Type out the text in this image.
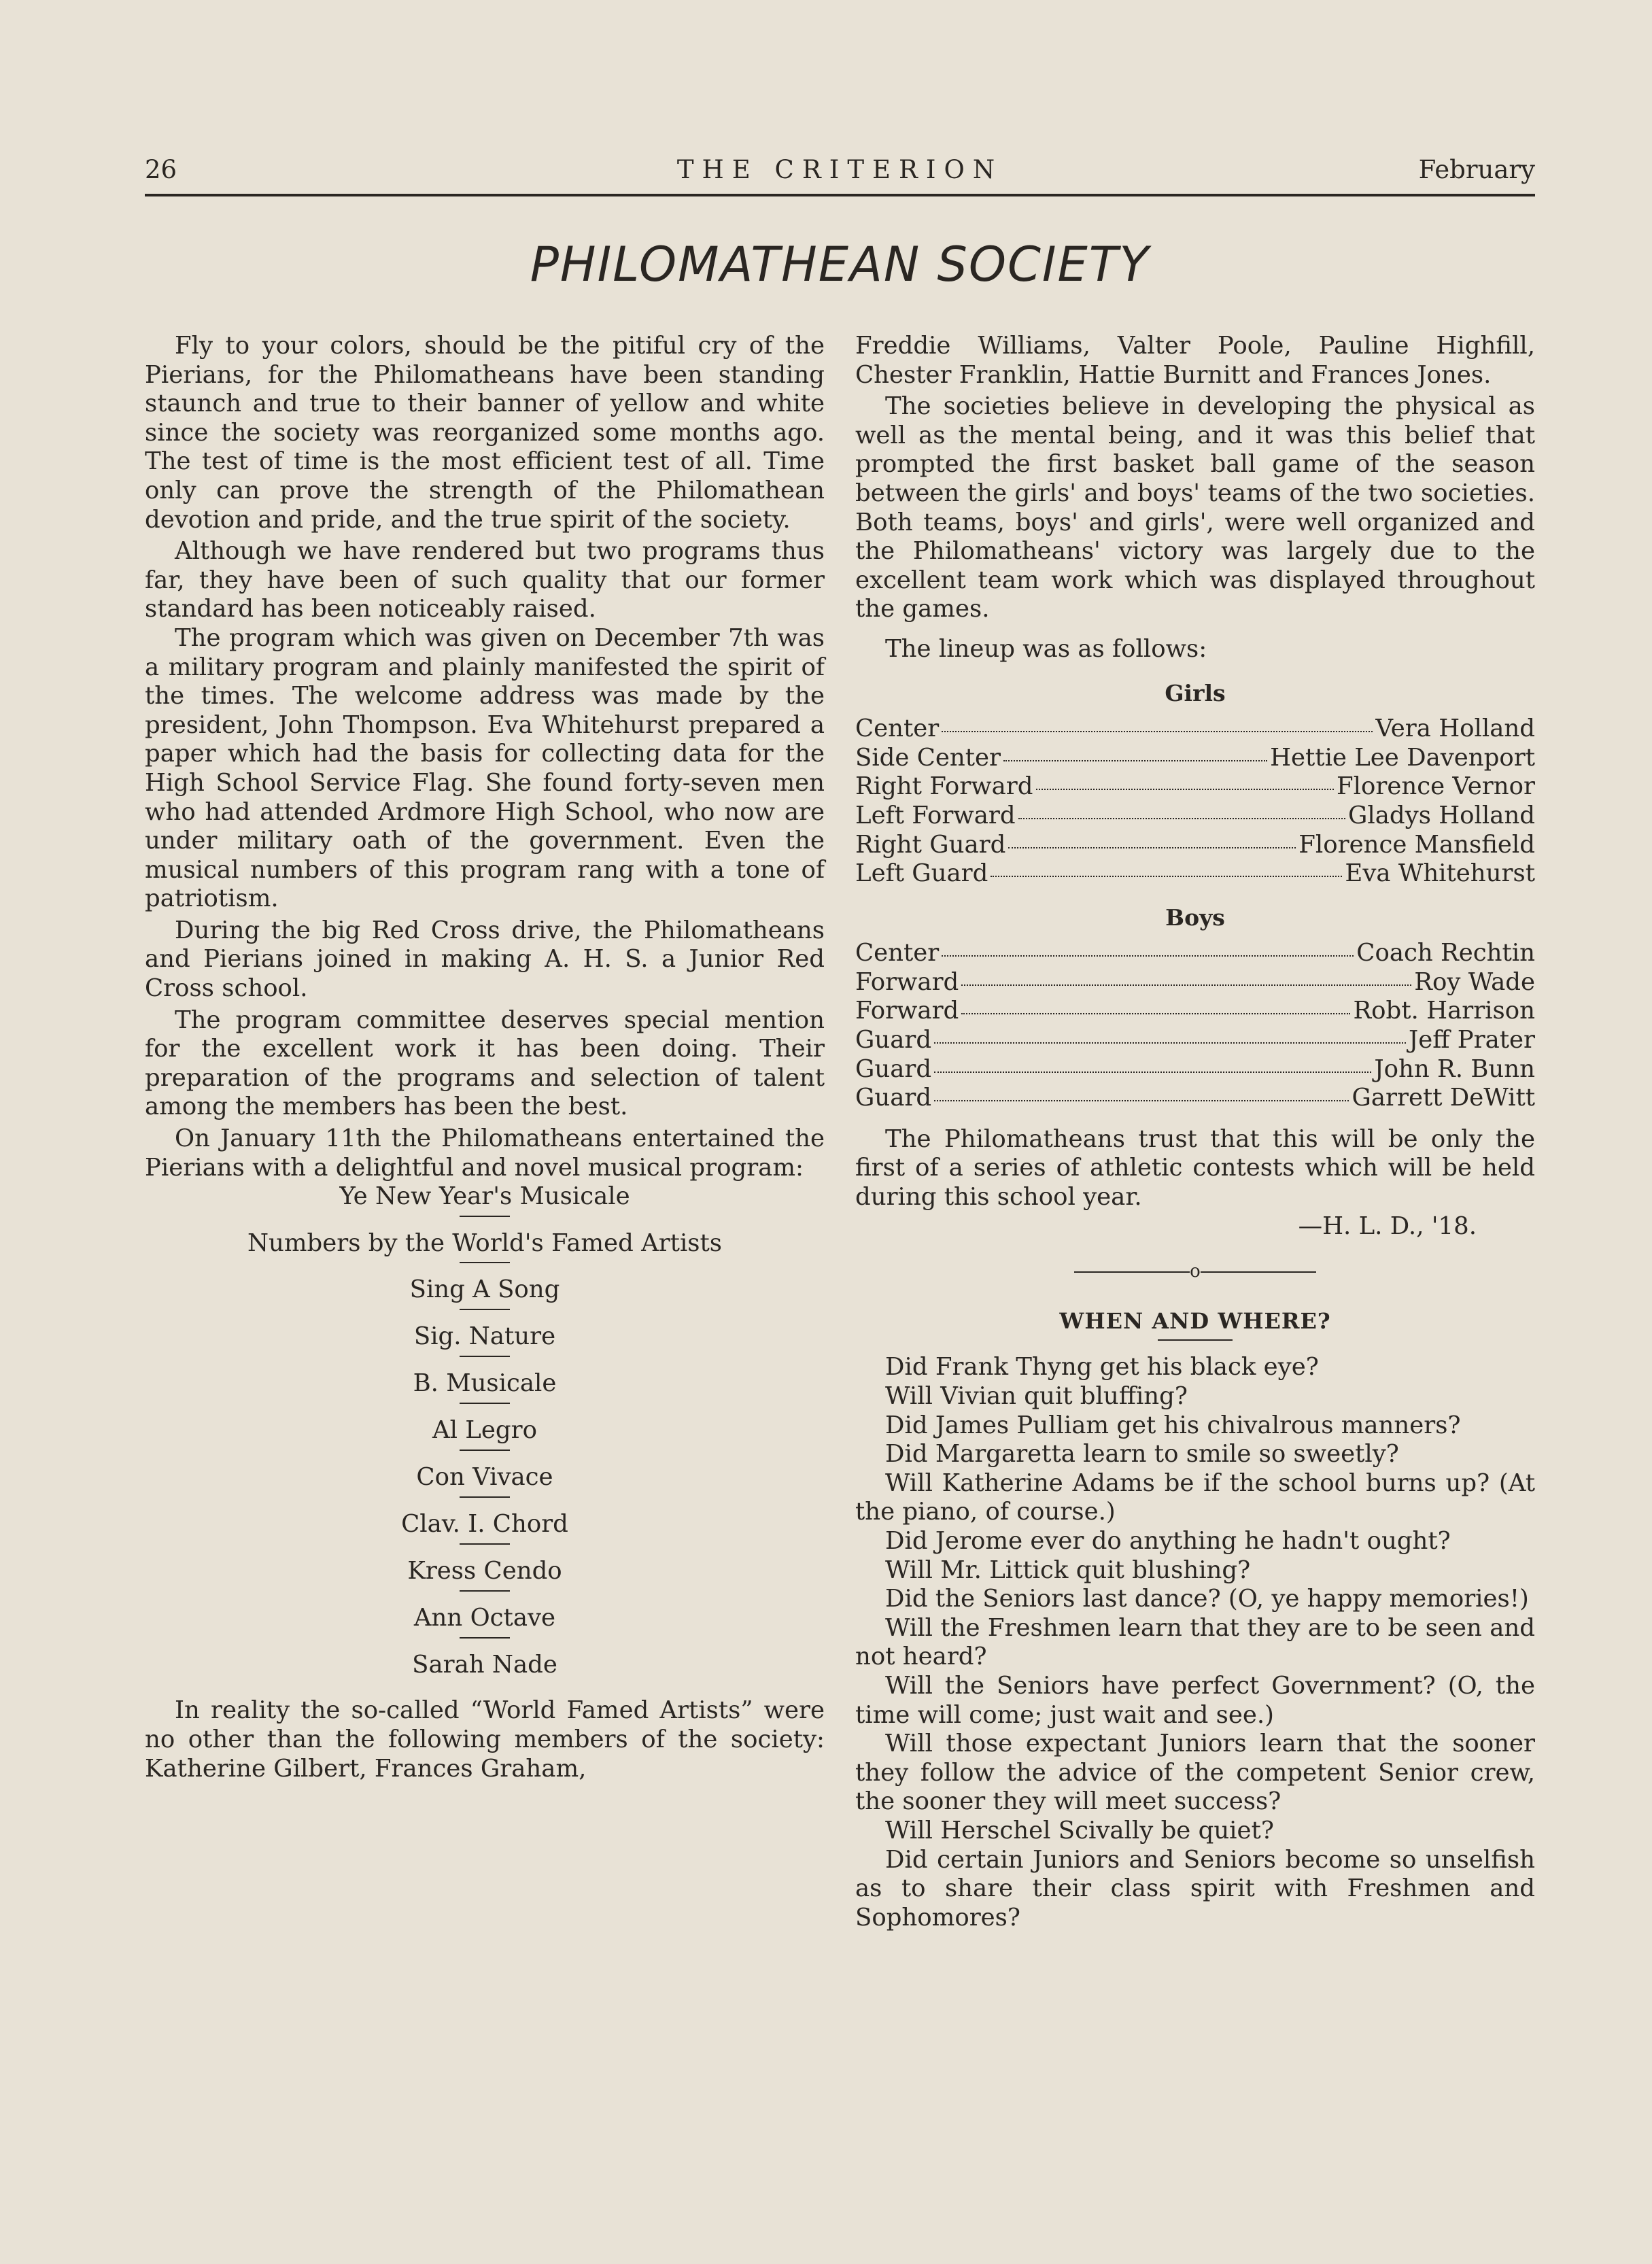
26	THE CRITERION	February
PHILOMATHEAN SOCIETY

Fly to your colors, should be the pitiful cry of the Pierians, for the Philomatheans have been standing staunch and true to their banner of yellow and white since the society was reorganized some months ago. The test of time is the most efficient test of all. Time only can prove the strength of the Philomathean devotion and pride, and the true spirit of the society.

Although we have rendered but two programs thus far, they have been of such quality that our former standard has been noticeably raised.

The program which was given on December 7th was a military program and plainly manifested the spirit of the times. The welcome address was made by the president, John Thompson. Eva Whitehurst prepared a paper which had the basis for collecting data for the High School Service Flag. She found forty-seven men who had attended Ardmore High School, who now are under military oath of the government. Even the musical numbers of this program rang with a tone of patriotism.

During the big Red Cross drive, the Philomatheans and Pierians joined in making A. H. S. a Junior Red Cross school.

The program committee deserves special mention for the excellent work it has been doing. Their preparation of the programs and selection of talent among the members has been the best.

On January 11th the Philomatheans entertained the Pierians with a delightful and novel musical program:

Ye New Year's Musicale
Numbers by the World's Famed Artists
Sing A Song
Sig. Nature
B. Musicale
Al Legro
Con Vivace
Clav. I. Chord
Kress Cendo
Ann Octave
Sarah Nade

In reality the so-called “World Famed Artists” were no other than the following members of the society: Katherine Gilbert, Frances Graham,

Freddie Williams, Valter Poole, Pauline Highfill, Chester Franklin, Hattie Burnitt and Frances Jones.

The societies believe in developing the physical as well as the mental being, and it was this belief that prompted the first basket ball game of the season between the girls' and boys' teams of the two societies. Both teams, boys' and girls', were well organized and the Philomatheans' victory was largely due to the excellent team work which was displayed throughout the games.

The lineup was as follows:

Girls
Center	Vera Holland
Side Center	Hettie Lee Davenport
Right Forward	Florence Vernor
Left Forward	Gladys Holland
Right Guard	Florence Mansfield
Left Guard	Eva Whitehurst
Boys
Center	Coach Rechtin
Forward	Roy Wade
Forward	Robt. Harrison
Guard	Jeff Prater
Guard	John R. Bunn
Guard	Garrett DeWitt

The Philomatheans trust that this will be only the first of a series of athletic contests which will be held during this school year.

—H. L. D., '18.
o
WHEN AND WHERE?

Did Frank Thyng get his black eye?

Will Vivian quit bluffing?

Did James Pulliam get his chivalrous manners?

Did Margaretta learn to smile so sweetly?

Will Katherine Adams be if the school burns up? (At the piano, of course.)

Did Jerome ever do anything he hadn't ought?

Will Mr. Littick quit blushing?

Did the Seniors last dance? (O, ye happy memories!)

Will the Freshmen learn that they are to be seen and not heard?

Will the Seniors have perfect Government? (O, the time will come; just wait and see.)

Will those expectant Juniors learn that the sooner they follow the advice of the competent Senior crew, the sooner they will meet success?

Will Herschel Scivally be quiet?

Did certain Juniors and Seniors become so unselfish as to share their class spirit with Freshmen and Sophomores?
